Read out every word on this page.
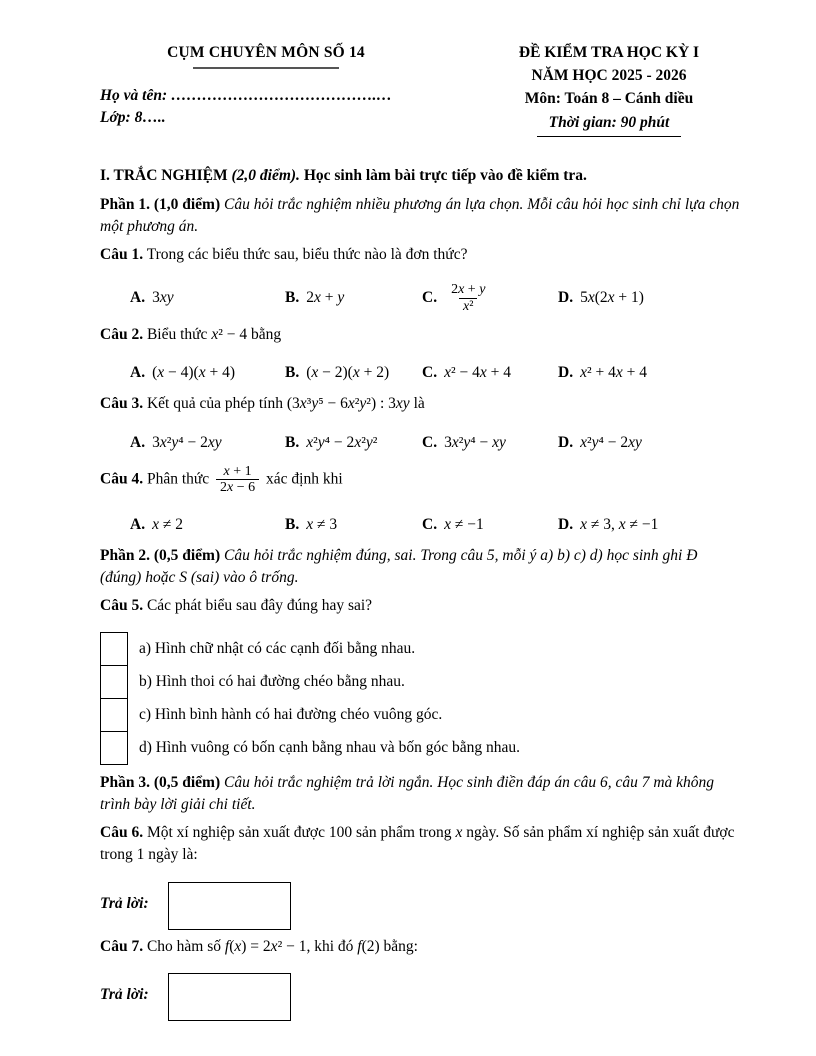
CỤM CHUYÊN MÔN SỐ 14
Họ và tên: ………………………………….…
Lớp: 8…..
ĐỀ KIỂM TRA HỌC KỲ I
NĂM HỌC 2025 - 2026
Môn: Toán 8 – Cánh diều
Thời gian: 90 phút
I. TRẮC NGHIỆM (2,0 điểm). Học sinh làm bài trực tiếp vào đề kiểm tra.
Phần 1. (1,0 điểm) Câu hỏi trắc nghiệm nhiều phương án lựa chọn. Mỗi câu hỏi học sinh chỉ lựa chọn một phương án.

Câu 1. Trong các biểu thức sau, biểu thức nào là đơn thức?

A. 3xy	B. 2x + y	C. $\frac{2x + y}{\text{x²}}$	D. 5x(2x + 1)

Câu 2. Biểu thức x² − 4 bằng

A. (x − 4)(x + 4)	B. (x − 2)(x + 2) C. x² − 4x + 4	D. x² + 4x + 4

Câu 3. Kết quả của phép tính (3x³y⁵ − 6x²y²) : 3xy là

A. 3x²y⁴ − 2xy	B. x²y⁴ − 2x²y²	C. 3x²y⁴ − xy	D. x²y⁴ − 2xy

Câu 4. Phân thức $\frac{x + 1}{2x - 6}$ xác định khi

A. x ≠ 2	B. x ≠ 3	C. x ≠ −1	D. x ≠ 3, x ≠ −1
Phần 2. (0,5 điểm) Câu hỏi trắc nghiệm đúng, sai. Trong câu 5, mỗi ý a) b) c) d) học sinh ghi Đ (đúng) hoặc S (sai) vào ô trống.

Câu 5. Các phát biểu sau đây đúng hay sai?

a) Hình chữ nhật có các cạnh đối bằng nhau.
b) Hình thoi có hai đường chéo bằng nhau.
c) Hình bình hành có hai đường chéo vuông góc.
d) Hình vuông có bốn cạnh bằng nhau và bốn góc bằng nhau.
Phần 3. (0,5 điểm) Câu hỏi trắc nghiệm trả lời ngắn. Học sinh điền đáp án câu 6, câu 7 mà không trình bày lời giải chi tiết.

Câu 6. Một xí nghiệp sản xuất được 100 sản phẩm trong x ngày. Số sản phẩm xí nghiệp sản xuất được trong 1 ngày là:

Trả lời:

Câu 7. Cho hàm số f(x) = 2x² − 1, khi đó f(2) bằng:

Trả lời:
